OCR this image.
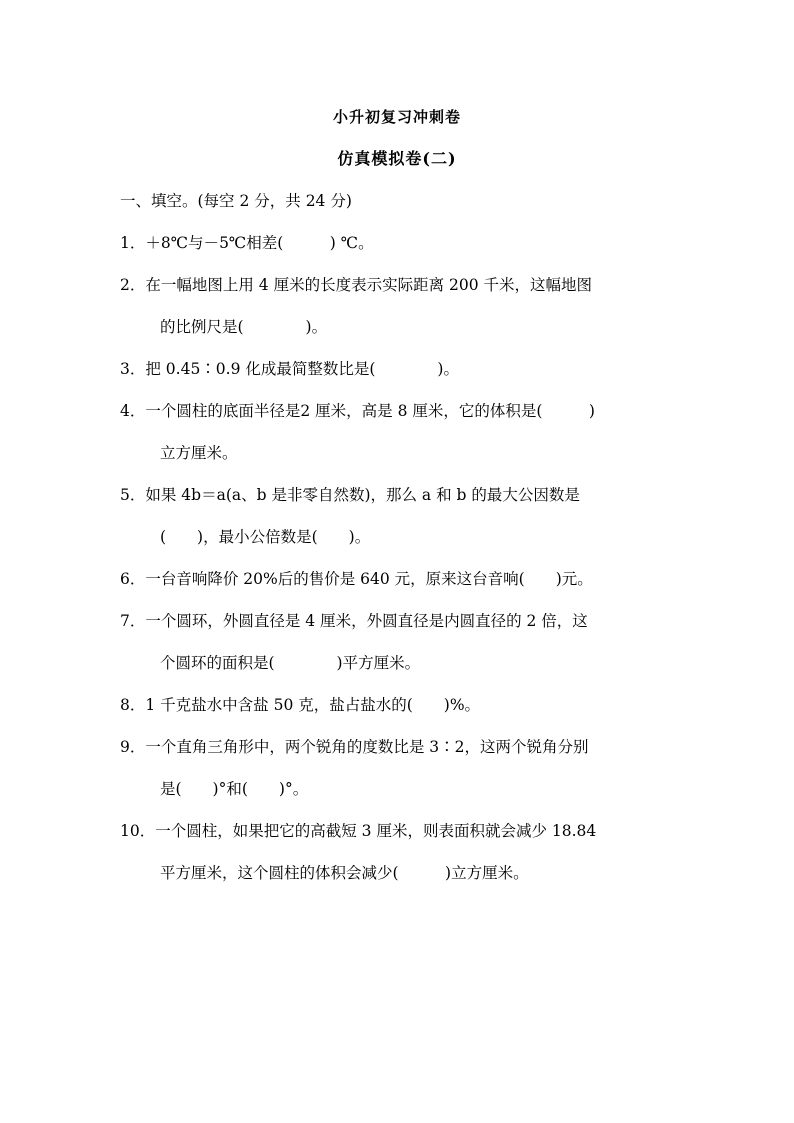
小升初复习冲刺卷
仿真模拟卷(二)
一、填空。(每空 2 分，共 24 分)
1．＋8℃与－5℃相差(　　　) ℃。
2．在一幅地图上用 4 厘米的长度表示实际距离 200 千米，这幅地图
的比例尺是(　　　　)。
3．把 0.45∶0.9 化成最简整数比是(　　　　)。
4．一个圆柱的底面半径是2 厘米，高是 8 厘米，它的体积是(　　　)
立方厘米。
5．如果 4b＝a(a、b 是非零自然数)，那么 a 和 b 的最大公因数是
(　　)，最小公倍数是(　　)。
6．一台音响降价 20%后的售价是 640 元，原来这台音响(　　)元。
7．一个圆环，外圆直径是 4 厘米，外圆直径是内圆直径的 2 倍，这
个圆环的面积是(　　　　)平方厘米。
8．1 千克盐水中含盐 50 克，盐占盐水的(　　)%。
9．一个直角三角形中，两个锐角的度数比是 3∶2，这两个锐角分别
是(　　)°和(　　)°。
10．一个圆柱，如果把它的高截短 3 厘米，则表面积就会减少 18.84
平方厘米，这个圆柱的体积会减少(　　　)立方厘米。
